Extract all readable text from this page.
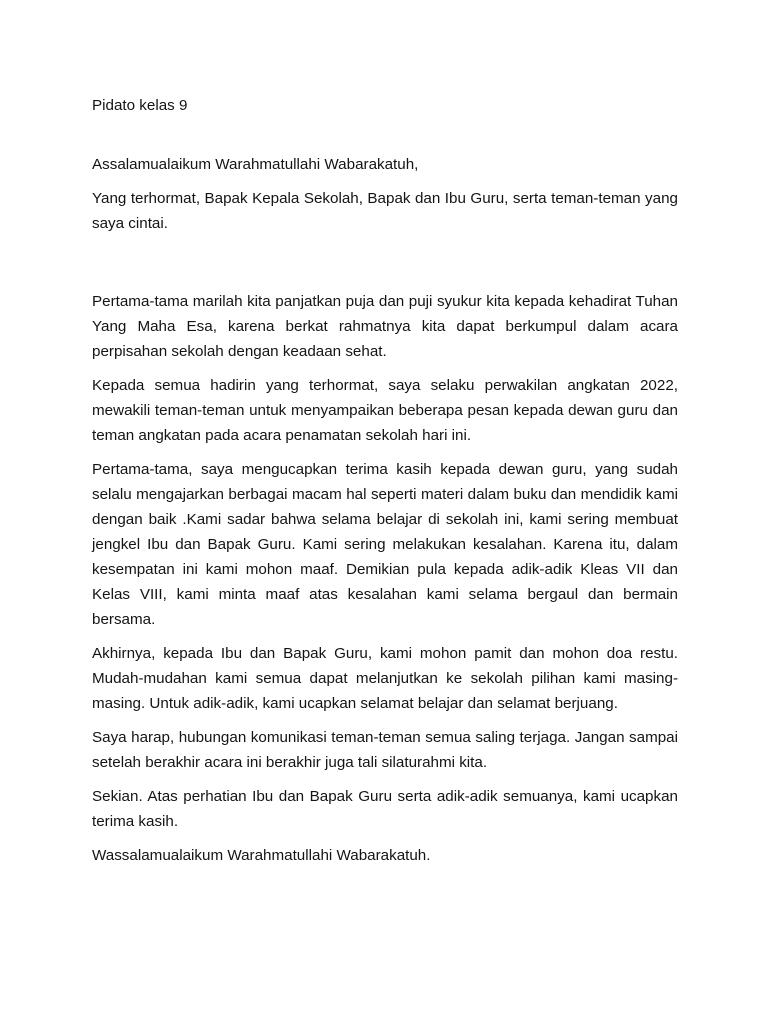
Pidato kelas 9

Assalamualaikum Warahmatullahi Wabarakatuh,

Yang terhormat, Bapak Kepala Sekolah, Bapak dan Ibu Guru, serta teman-teman yang saya cintai.

Pertama-tama marilah kita panjatkan puja dan puji syukur kita kepada kehadirat Tuhan Yang Maha Esa, karena berkat rahmatnya kita dapat berkumpul dalam acara perpisahan sekolah dengan keadaan sehat.

Kepada semua hadirin yang terhormat, saya selaku perwakilan angkatan 2022, mewakili teman-teman untuk menyampaikan beberapa pesan kepada dewan guru dan teman angkatan pada acara penamatan sekolah hari ini.

Pertama-tama, saya mengucapkan terima kasih kepada dewan guru, yang sudah selalu mengajarkan berbagai macam hal seperti materi dalam buku dan mendidik kami dengan baik .Kami sadar bahwa selama belajar di sekolah ini, kami sering membuat jengkel Ibu dan Bapak Guru. Kami sering melakukan kesalahan. Karena itu, dalam kesempatan ini kami mohon maaf. Demikian pula kepada adik-adik Kleas VII dan Kelas VIII, kami minta maaf atas kesalahan kami selama bergaul dan bermain bersama.

Akhirnya, kepada Ibu dan Bapak Guru, kami mohon pamit dan mohon doa restu. Mudah-mudahan kami semua dapat melanjutkan ke sekolah pilihan kami masing-masing. Untuk adik-adik, kami ucapkan selamat belajar dan selamat berjuang.

Saya harap, hubungan komunikasi teman-teman semua saling terjaga. Jangan sampai setelah berakhir acara ini berakhir juga tali silaturahmi kita.

Sekian. Atas perhatian Ibu dan Bapak Guru serta adik-adik semuanya, kami ucapkan terima kasih.

Wassalamualaikum Warahmatullahi Wabarakatuh.
